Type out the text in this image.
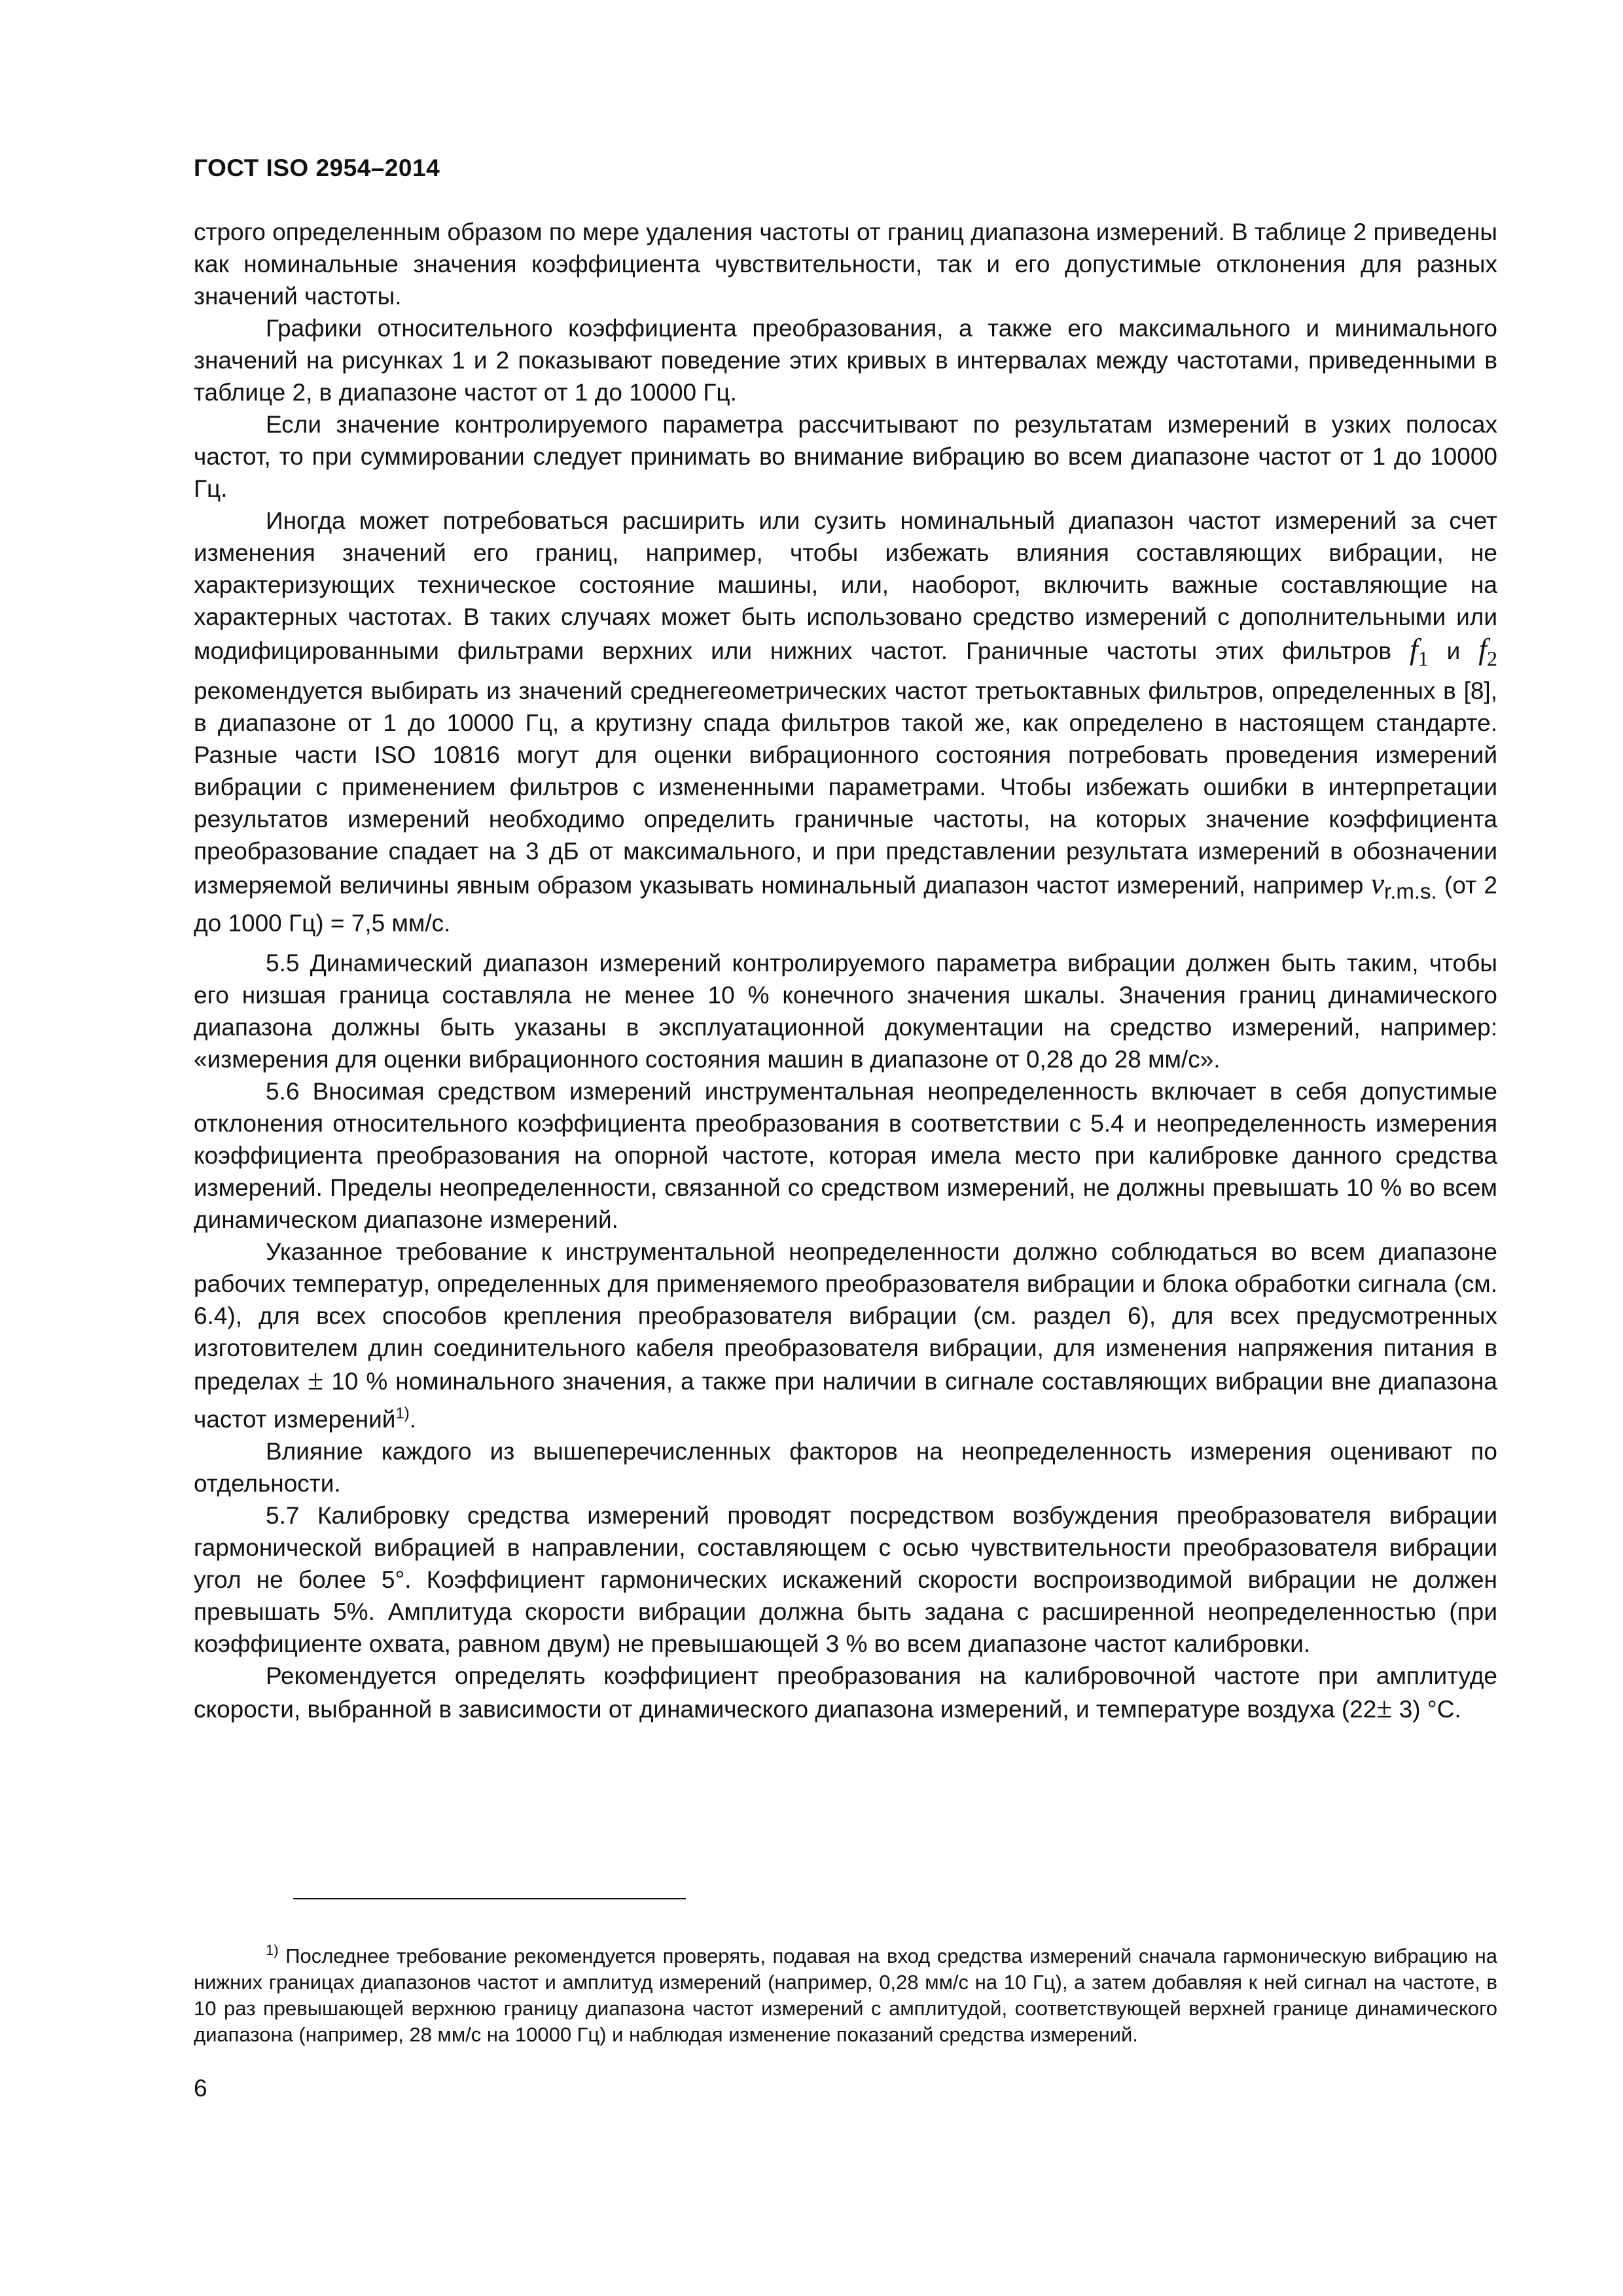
ГОСТ ISO 2954–2014

строго определенным образом по мере удаления частоты от границ диапазона измерений. В таблице 2 приведены как номинальные значения коэффициента чувствительности, так и его допустимые отклонения для разных значений частоты.

Графики относительного коэффициента преобразования, а также его максимального и минимального значений на рисунках 1 и 2 показывают поведение этих кривых в интервалах между частотами, приведенными в таблице 2, в диапазоне частот от 1 до 10000 Гц.

Если значение контролируемого параметра рассчитывают по результатам измерений в узких полосах частот, то при суммировании следует принимать во внимание вибрацию во всем диапазоне частот от 1 до 10000 Гц.

Иногда может потребоваться расширить или сузить номинальный диапазон частот измерений за счет изменения значений его границ, например, чтобы избежать влияния составляющих вибрации, не характеризующих техническое состояние машины, или, наоборот, включить важные составляющие на характерных частотах. В таких случаях может быть использовано средство измерений с дополнительными или модифицированными фильтрами верхних или нижних частот. Граничные частоты этих фильтров $f_1$ и $f_2$ рекомендуется выбирать из значений среднегеометрических частот третьоктавных фильтров, определенных в [8], в диапазоне от 1 до 10000 Гц, а крутизну спада фильтров такой же, как определено в настоящем стандарте. Разные части ISO 10816 могут для оценки вибрационного состояния потребовать проведения измерений вибрации с применением фильтров с измененными параметрами. Чтобы избежать ошибки в интерпретации результатов измерений необходимо определить граничные частоты, на которых значение коэффициента преобразование спадает на 3 дБ от максимального, и при представлении результата измерений в обозначении измеряемой величины явным образом указывать номинальный диапазон частот измерений, например vr.m.s. (от 2 до 1000 Гц) = 7,5 мм/с.

5.5 Динамический диапазон измерений контролируемого параметра вибрации должен быть таким, чтобы его низшая граница составляла не менее 10 % конечного значения шкалы. Значения границ динамического диапазона должны быть указаны в эксплуатационной документации на средство измерений, например: «измерения для оценки вибрационного состояния машин в диапазоне от 0,28 до 28 мм/с».

5.6 Вносимая средством измерений инструментальная неопределенность включает в себя допустимые отклонения относительного коэффициента преобразования в соответствии с 5.4 и неопределенность измерения коэффициента преобразования на опорной частоте, которая имела место при калибровке данного средства измерений. Пределы неопределенности, связанной со средством измерений, не должны превышать 10 % во всем динамическом диапазоне измерений.

Указанное требование к инструментальной неопределенности должно соблюдаться во всем диапазоне рабочих температур, определенных для применяемого преобразователя вибрации и блока обработки сигнала (см. 6.4), для всех способов крепления преобразователя вибрации (см. раздел 6), для всех предусмотренных изготовителем длин соединительного кабеля преобразователя вибрации, для изменения напряжения питания в пределах ± 10 % номинального значения, а также при наличии в сигнале составляющих вибрации вне диапазона частот измерений$^{1)}$.

Влияние каждого из вышеперечисленных факторов на неопределенность измерения оценивают по отдельности.

5.7 Калибровку средства измерений проводят посредством возбуждения преобразователя вибрации гармонической вибрацией в направлении, составляющем с осью чувствительности преобразователя вибрации угол не более 5°. Коэффициент гармонических искажений скорости воспроизводимой вибрации не должен превышать 5%. Амплитуда скорости вибрации должна быть задана с расширенной неопределенностью (при коэффициенте охвата, равном двум) не превышающей 3 % во всем диапазоне частот калибровки.

Рекомендуется определять коэффициент преобразования на калибровочной частоте при амплитуде скорости, выбранной в зависимости от динамического диапазона измерений, и температуре воздуха (22± 3) °С.

$^{1)}$ Последнее требование рекомендуется проверять, подавая на вход средства измерений сначала гармоническую вибрацию на нижних границах диапазонов частот и амплитуд измерений (например, 0,28 мм/с на 10 Гц), а затем добавляя к ней сигнал на частоте, в 10 раз превышающей верхнюю границу диапазона частот измерений с амплитудой, соответствующей верхней границе динамического диапазона (например, 28 мм/с на 10000 Гц) и наблюдая изменение показаний средства измерений.
6
